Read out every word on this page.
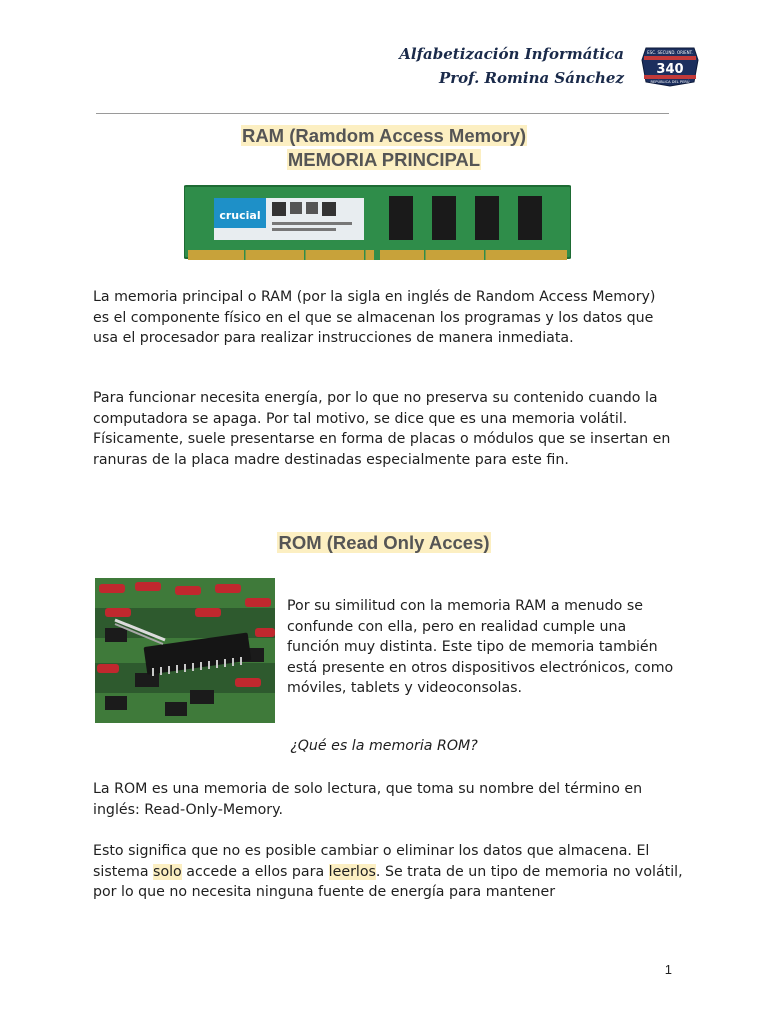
Alfabetización Informática
Prof. Romina Sánchez
ESC. SECUND. ORIENT.
340
REPÚBLICA DEL PERÚ
RAM (Ramdom Access Memory)
MEMORIA PRINCIPAL
crucial

La memoria principal o RAM (por la sigla en inglés de Random Access Memory) es el componente físico en el que se almacenan los programas y los datos que usa el procesador para realizar instrucciones de manera inmediata.

Para funcionar necesita energía, por lo que no preserva su contenido cuando la computadora se apaga. Por tal motivo, se dice que es una memoria volátil. Físicamente, suele presentarse en forma de placas o módulos que se insertan en ranuras de la placa madre destinadas especialmente para este fin.

ROM (Read Only Acces)

Por su similitud con la memoria RAM a menudo se confunde con ella, pero en realidad cumple una función muy distinta. Este tipo de memoria también está presente en otros dispositivos electrónicos, como móviles, tablets y videoconsolas.

¿Qué es la memoria ROM?

La ROM es una memoria de solo lectura, que toma su nombre del término en inglés: Read-Only-Memory.

Esto significa que no es posible cambiar o eliminar los datos que almacena. El sistema solo accede a ellos para leerlos. Se trata de un tipo de memoria no volátil, por lo que no necesita ninguna fuente de energía para mantener

1
